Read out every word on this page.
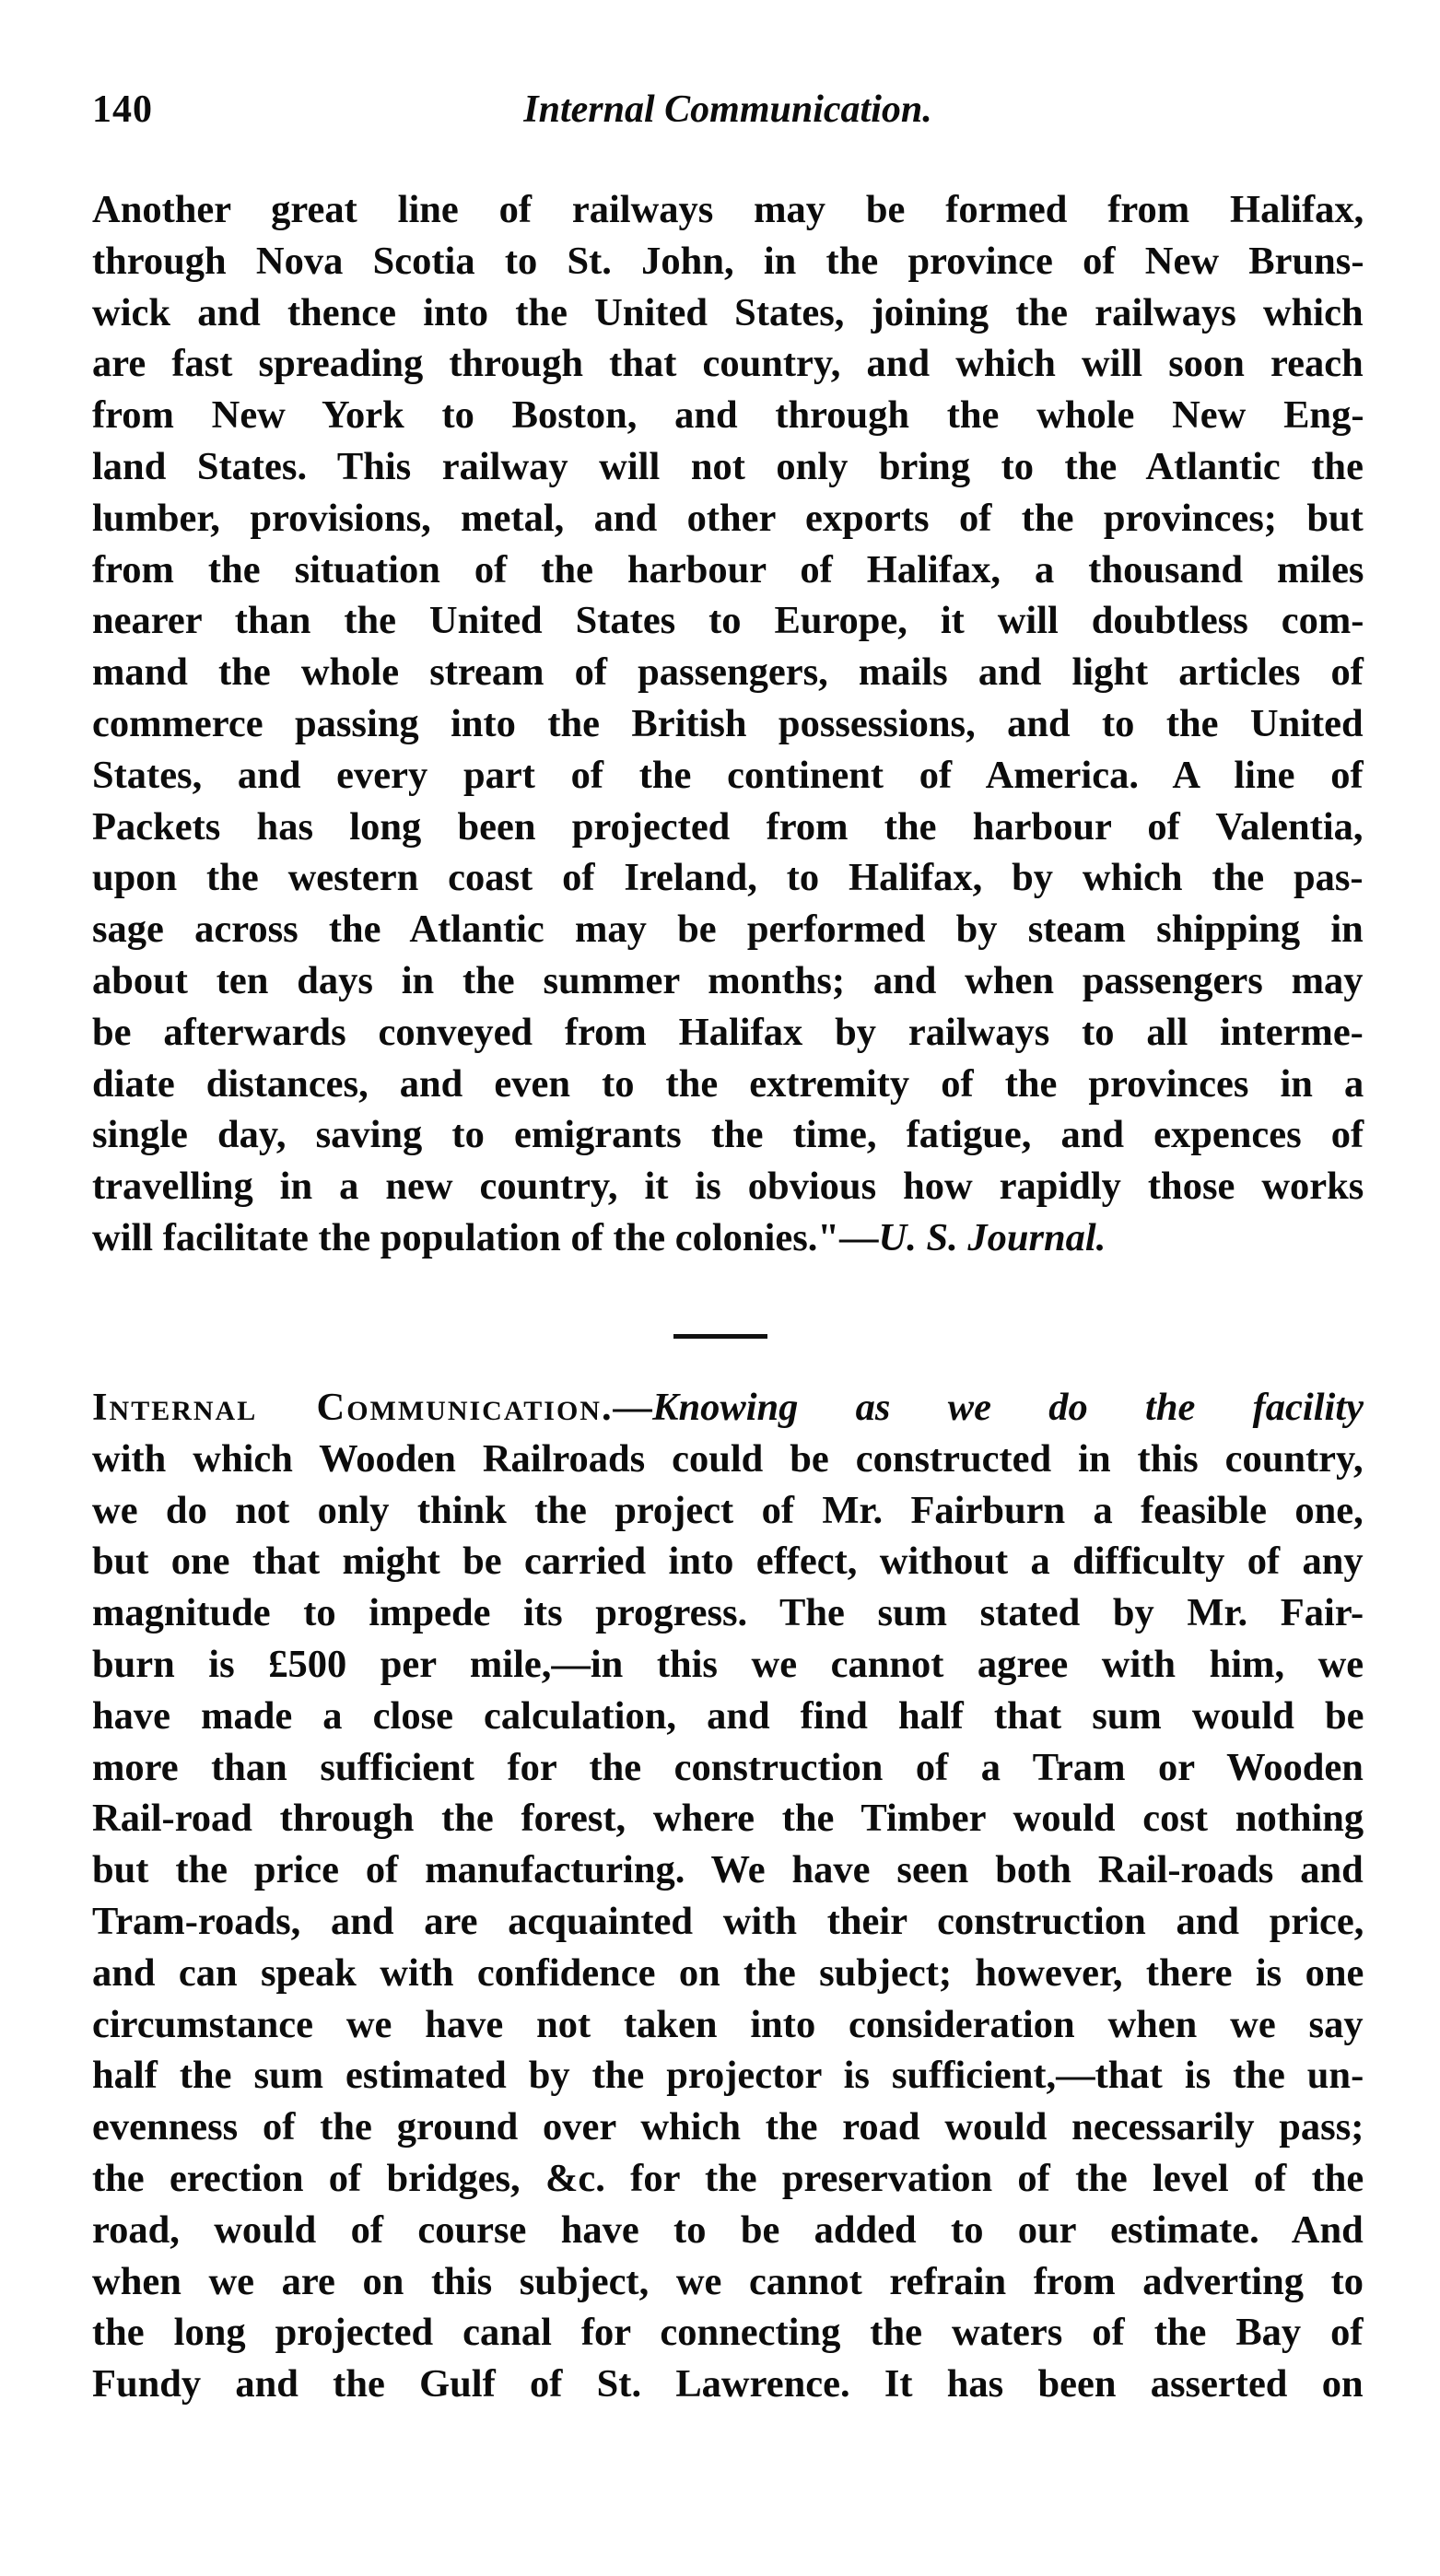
140	Internal Communication.
Another great line of railways may be formed from Halifax,
through Nova Scotia to St. John, in the province of New Bruns-
wick and thence into the United States, joining the railways which
are fast spreading through that country, and which will soon reach
from New York to Boston, and through the whole New Eng-
land States. This railway will not only bring to the Atlantic the
lumber, provisions, metal, and other exports of the provinces; but
from the situation of the harbour of Halifax, a thousand miles
nearer than the United States to Europe, it will doubtless com-
mand the whole stream of passengers, mails and light articles of
commerce passing into the British possessions, and to the United
States, and every part of the continent of America. A line of
Packets has long been projected from the harbour of Valentia,
upon the western coast of Ireland, to Halifax, by which the pas-
sage across the Atlantic may be performed by steam shipping in
about ten days in the summer months; and when passengers may
be afterwards conveyed from Halifax by railways to all interme-
diate distances, and even to the extremity of the provinces in a
single day, saving to emigrants the time, fatigue, and expences of
travelling in a new country, it is obvious how rapidly those works
will facilitate the population of the colonies."—U. S. Journal.
Internal Communication.—Knowing as we do the facility
with which Wooden Railroads could be constructed in this country,
we do not only think the project of Mr. Fairburn a feasible one,
but one that might be carried into effect, without a difficulty of any
magnitude to impede its progress. The sum stated by Mr. Fair-
burn is £500 per mile,—in this we cannot agree with him, we
have made a close calculation, and find half that sum would be
more than sufficient for the construction of a Tram or Wooden
Rail-road through the forest, where the Timber would cost nothing
but the price of manufacturing. We have seen both Rail-roads and
Tram-roads, and are acquainted with their construction and price,
and can speak with confidence on the subject; however, there is one
circumstance we have not taken into consideration when we say
half the sum estimated by the projector is sufficient,—that is the un-
evenness of the ground over which the road would necessarily pass;
the erection of bridges, &c. for the preservation of the level of the
road, would of course have to be added to our estimate. And
when we are on this subject, we cannot refrain from adverting to
the long projected canal for connecting the waters of the Bay of
Fundy and the Gulf of St. Lawrence. It has been asserted on
